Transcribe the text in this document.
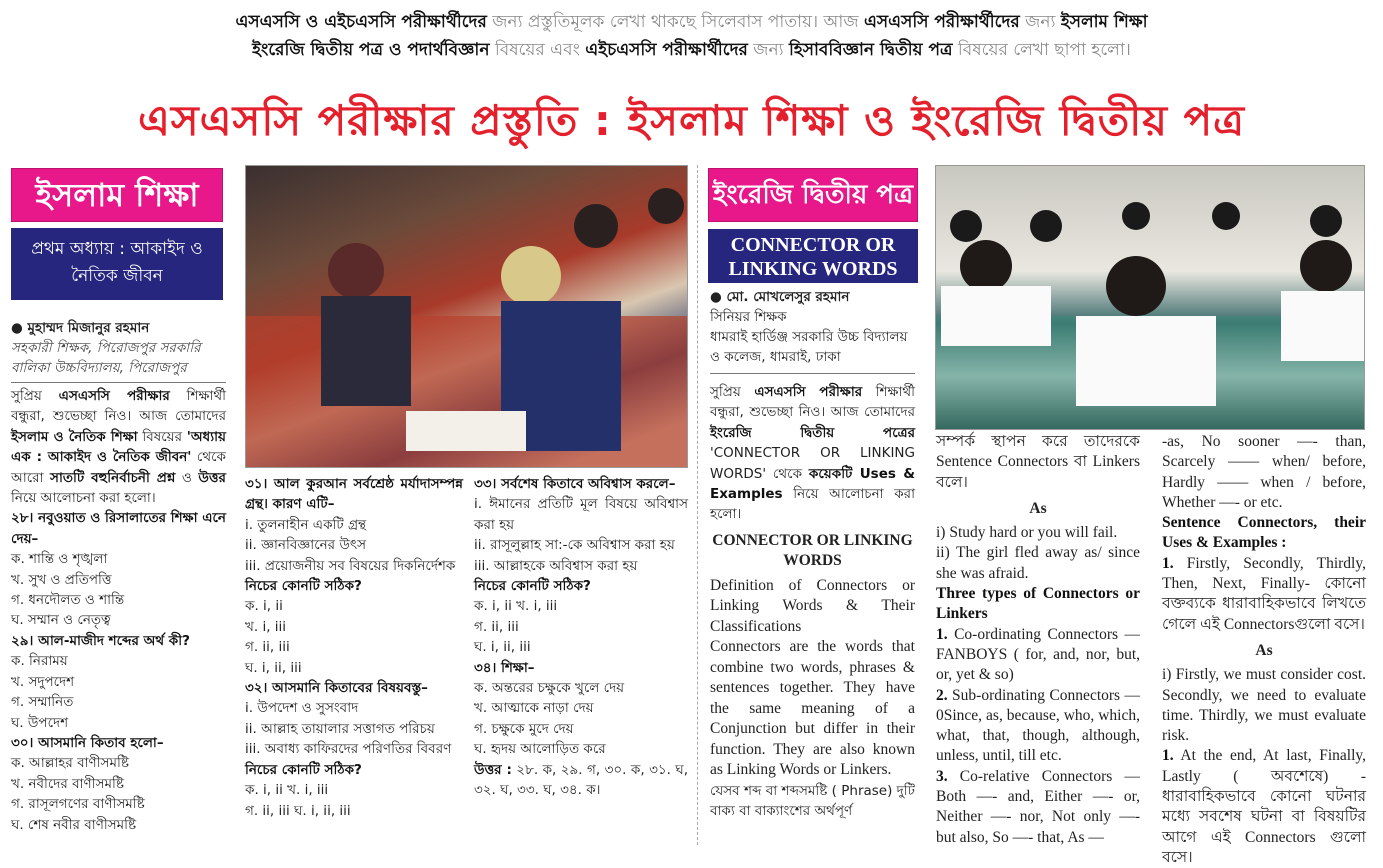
এসএসসি ও এইচএসসি পরীক্ষার্থীদের জন্য প্রস্তুতিমূলক লেখা থাকছে সিলেবাস পাতায়। আজ এসএসসি পরীক্ষার্থীদের জন্য ইসলাম শিক্ষা
ইংরেজি দ্বিতীয় পত্র ও পদার্থবিজ্ঞান বিষয়ের এবং এইচএসসি পরীক্ষার্থীদের জন্য হিসাববিজ্ঞান দ্বিতীয় পত্র বিষয়ের লেখা ছাপা হলো।
এসএসসি পরীক্ষার প্রস্তুতি : ইসলাম শিক্ষা ও ইংরেজি দ্বিতীয় পত্র
ইসলাম শিক্ষা
প্রথম অধ্যায় : আকাইদ ও নৈতিক জীবন
● মুহাম্মদ মিজানুর রহমান
সহকারী শিক্ষক, পিরোজপুর সরকারি বালিকা উচ্চবিদ্যালয়, পিরোজপুর
সুপ্রিয় এসএসসি পরীক্ষার শিক্ষার্থী বন্ধুরা, শুভেচ্ছা নিও। আজ তোমাদের ইসলাম ও নৈতিক শিক্ষা বিষয়ের 'অধ্যায় এক : আকাইদ ও নৈতিক জীবন' থেকে আরো সাতটি বহুনির্বাচনী প্রশ্ন ও উত্তর নিয়ে আলোচনা করা হলো।
২৮। নবুওয়াত ও রিসালাতের শিক্ষা এনে দেয়–
ক. শান্তি ও শৃঙ্খলা
খ. সুখ ও প্রতিপত্তি
গ. ধনদৌলত ও শান্তি
ঘ. সম্মান ও নেতৃত্ব
২৯। আল-মাজীদ শব্দের অর্থ কী?
ক. নিরাময়
খ. সদুপদেশ
গ. সম্মানিত
ঘ. উপদেশ
৩০। আসমানি কিতাব হলো–
ক. আল্লাহর বাণীসমষ্টি
খ. নবীদের বাণীসমষ্টি
গ. রাসূলগণের বাণীসমষ্টি
ঘ. শেষ নবীর বাণীসমষ্টি
৩১। আল কুরআন সর্বশ্রেষ্ঠ মর্যাদাসম্পন্ন গ্রন্থ। কারণ এটি–
i. তুলনাহীন একটি গ্রন্থ
ii. জ্ঞানবিজ্ঞানের উৎস
iii. প্রয়োজনীয় সব বিষয়ের দিকনির্দেশক
নিচের কোনটি সঠিক?
ক. i, ii
খ. i, iii
গ. ii, iii
ঘ. i, ii, iii
৩২। আসমানি কিতাবের বিষয়বস্তু–
i. উপদেশ ও সুসংবাদ
ii. আল্লাহ তায়ালার সত্তাগত পরিচয়
iii. অবাধ্য কাফিরদের পরিণতির বিবরণ
নিচের কোনটি সঠিক?
ক. i, ii খ. i, iii
গ. ii, iii ঘ. i, ii, iii
৩৩। সর্বশেষ কিতাবে অবিশ্বাস করলে–
i. ঈমানের প্রতিটি মূল বিষয়ে অবিশ্বাস করা হয়
ii. রাসূলুল্লাহ সা:-কে অবিশ্বাস করা হয়
iii. আল্লাহকে অবিশ্বাস করা হয়
নিচের কোনটি সঠিক?
ক. i, ii খ. i, iii
গ. ii, iii
ঘ. i, ii, iii
৩৪। শিক্ষা–
ক. অন্তরের চক্ষুকে খুলে দেয়
খ. আত্মাকে নাড়া দেয়
গ. চক্ষুকে মুদে দেয়
ঘ. হৃদয় আলোড়িত করে
উত্তর : ২৮. ক, ২৯. গ, ৩০. ক, ৩১. ঘ, ৩২. ঘ, ৩৩. ঘ, ৩৪. ক।
ইংরেজি দ্বিতীয় পত্র
CONNECTOR OR LINKING WORDS
● মো. মোখলেসুর রহমান
সিনিয়র শিক্ষক
ধামরাই হার্ডিঞ্জ সরকারি উচ্চ বিদ্যালয় ও কলেজ, ধামরাই, ঢাকা
সুপ্রিয় এসএসসি পরীক্ষার শিক্ষার্থী বন্ধুরা, শুভেচ্ছা নিও। আজ তোমাদের ইংরেজি দ্বিতীয় পত্রের 'CONNECTOR OR LINKING WORDS' থেকে কয়েকটি Uses & Examples নিয়ে আলোচনা করা হলো।
CONNECTOR OR LINKING WORDS
Definition of Connectors or Linking Words & Their Classifications
Connectors are the words that combine two words, phrases & sentences together. They have the same meaning of a Conjunction but differ in their function. They are also known as Linking Words or Linkers.
যেসব শব্দ বা শব্দসমষ্টি ( Phrase) দুটি বাক্য বা বাক্যাংশের অর্থপূর্ণ
সম্পর্ক স্থাপন করে তাদেরকে Sentence Connectors বা Linkers বলে।
As
i) Study hard or you will fail.
ii) The girl fled away as/ since she was afraid.
Three types of Connectors or Linkers
1. Co-ordinating Connectors —FANBOYS ( for, and, nor, but, or, yet & so)
2. Sub-ordinating Connectors —0Since, as, because, who, which, what, that, though, although, unless, until, till etc.
3. Co-relative Connectors —Both —- and, Either —- or, Neither —- nor, Not only —- but also, So —- that, As —
-as, No sooner —- than, Scarcely —— when/ before, Hardly —— when / before, Whether —- or etc.
Sentence Connectors, their Uses & Examples :
1. Firstly, Secondly, Thirdly, Then, Next, Finally- কোনো বক্তব্যকে ধারাবাহিকভাবে লিখতে গেলে এই Connectorsগুলো বসে।
As
i) Firstly, we must consider cost. Secondly, we need to evaluate time. Thirdly, we must evaluate risk.
1. At the end, At last, Finally, Lastly ( অবশেষে) - ধারাবাহিকভাবে কোনো ঘটনার মধ্যে সবশেষ ঘটনা বা বিষয়টির আগে এই Connectors গুলো বসে।
